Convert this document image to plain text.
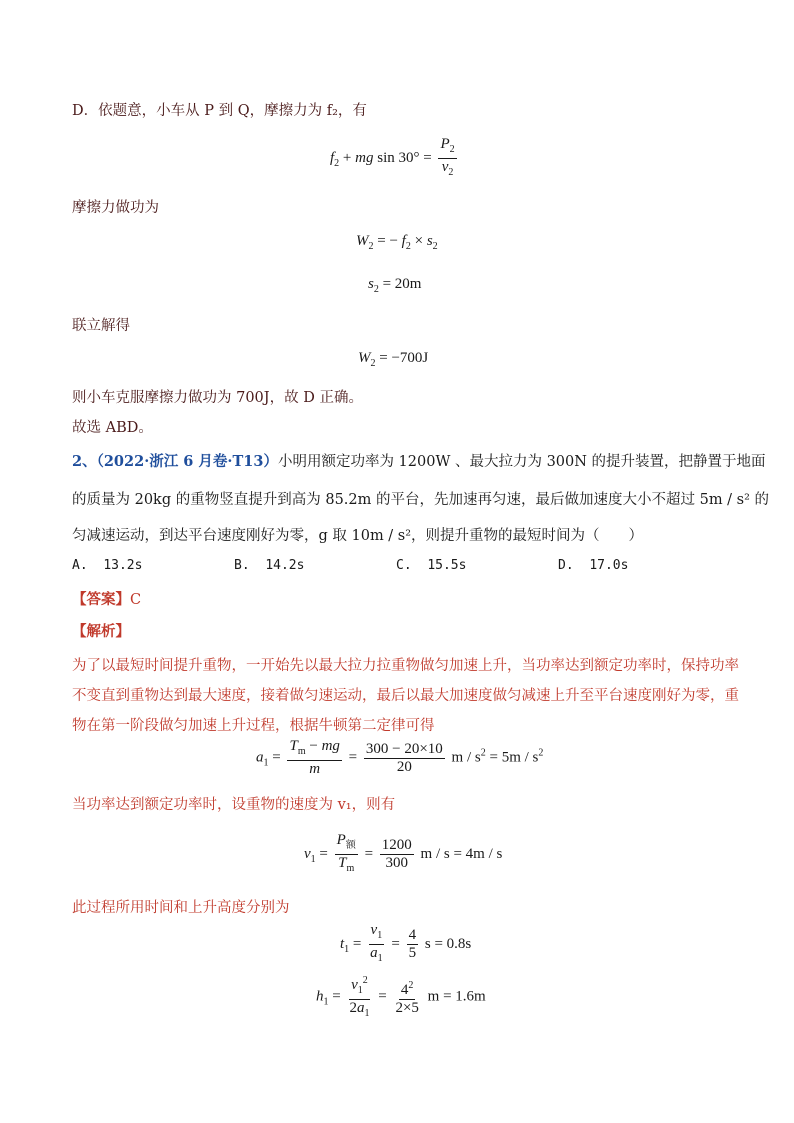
D．依题意，小车从 P 到 Q，摩擦力为 f₂，有
$f_2$ + mg $\sin 30^\circ = \frac{P_2}{v_2}$
摩擦力做功为
$W_2$ = − $f_2 \times s_2$
$s_2 = 20m$
联立解得
$W_2 = -700J$
则小车克服摩擦力做功为 700J，故 D 正确。
故选 ABD。
2、（2022·浙江 6 月卷·T13）小明用额定功率为 1200W 、最大拉力为 300N 的提升装置，把静置于地面
的质量为 20kg 的重物竖直提升到高为 85.2m 的平台，先加速再匀速，最后做加速度大小不超过 5m / s² 的
匀减速运动，到达平台速度刚好为零，g 取 10m / s²，则提升重物的最短时间为（　　）
A. 13.2s	B. 14.2s	C. 15.5s	D. 17.0s
【答案】C
【解析】
为了以最短时间提升重物，一开始先以最大拉力拉重物做匀加速上升，当功率达到额定功率时，保持功率
不变直到重物达到最大速度，接着做匀速运动，最后以最大加速度做匀减速上升至平台速度刚好为零，重
物在第一阶段做匀加速上升过程，根据牛顿第二定律可得
$a_1 = \frac{T_m - mg}{m} = \frac{300 - 20\times 10}{20}$ $m / s^2 = 5m / s^2$
当功率达到额定功率时，设重物的速度为 v₁，则有
$v_1 = \frac{P_额}{T_m} = \frac{1200}{300}$ m / s = 4m / s
此过程所用时间和上升高度分别为
$t_1 = \frac{v_1}{a_1} = \frac{4}{5}$ s = 0.8s
$h_1 = \frac{v_1^2}{2a_1} = \frac{4^2}{2\times 5}$ m = 1.6m
